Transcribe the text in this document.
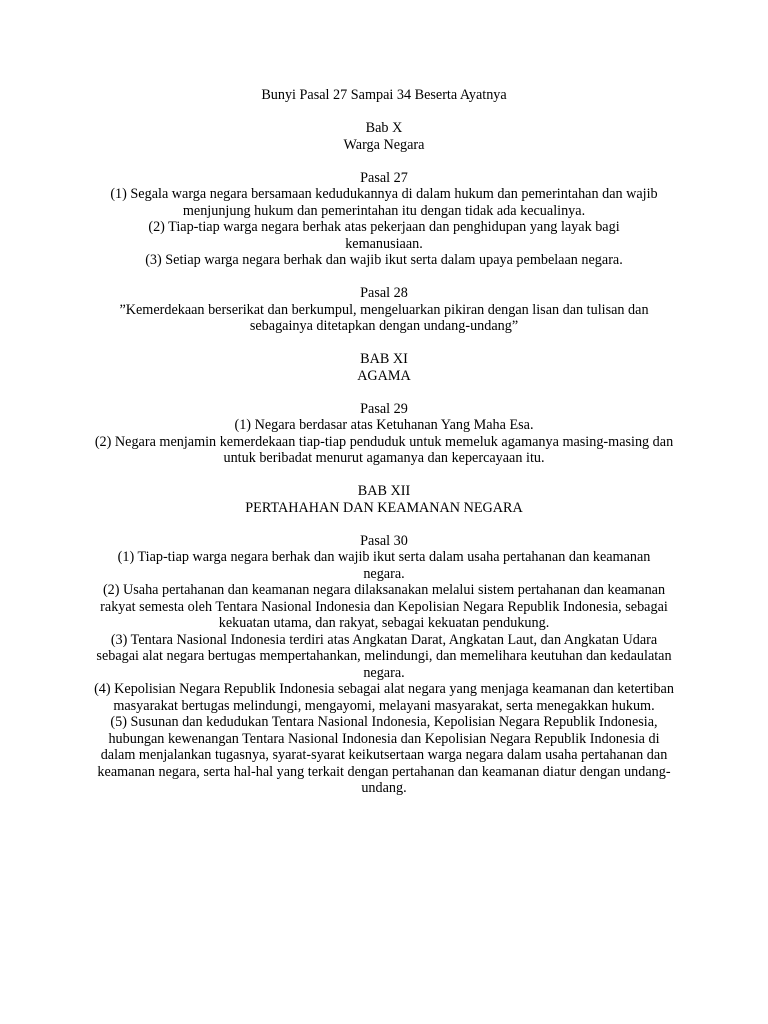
Bunyi Pasal 27 Sampai 34 Beserta Ayatnya

Bab X

Warga Negara

Pasal 27

(1) Segala warga negara bersamaan kedudukannya di dalam hukum dan pemerintahan dan wajib menjunjung hukum dan pemerintahan itu dengan tidak ada kecualinya.

(2) Tiap-tiap warga negara berhak atas pekerjaan dan penghidupan yang layak bagi kemanusiaan.

(3) Setiap warga negara berhak dan wajib ikut serta dalam upaya pembelaan negara.

Pasal 28

”Kemerdekaan berserikat dan berkumpul, mengeluarkan pikiran dengan lisan dan tulisan dan sebagainya ditetapkan dengan undang-undang”

BAB XI

AGAMA

Pasal 29

(1) Negara berdasar atas Ketuhanan Yang Maha Esa.

(2) Negara menjamin kemerdekaan tiap-tiap penduduk untuk memeluk agamanya masing-masing dan untuk beribadat menurut agamanya dan kepercayaan itu.

BAB XII

PERTAHAHAN DAN KEAMANAN NEGARA

Pasal 30

(1) Tiap-tiap warga negara berhak dan wajib ikut serta dalam usaha pertahanan dan keamanan negara.

(2) Usaha pertahanan dan keamanan negara dilaksanakan melalui sistem pertahanan dan keamanan rakyat semesta oleh Tentara Nasional Indonesia dan Kepolisian Negara Republik Indonesia, sebagai kekuatan utama, dan rakyat, sebagai kekuatan pendukung.

(3) Tentara Nasional Indonesia terdiri atas Angkatan Darat, Angkatan Laut, dan Angkatan Udara sebagai alat negara bertugas mempertahankan, melindungi, dan memelihara keutuhan dan kedaulatan negara.

(4) Kepolisian Negara Republik Indonesia sebagai alat negara yang menjaga keamanan dan ketertiban masyarakat bertugas melindungi, mengayomi, melayani masyarakat, serta menegakkan hukum.

(5) Susunan dan kedudukan Tentara Nasional Indonesia, Kepolisian Negara Republik Indonesia, hubungan kewenangan Tentara Nasional Indonesia dan Kepolisian Negara Republik Indonesia di dalam menjalankan tugasnya, syarat-syarat keikutsertaan warga negara dalam usaha pertahanan dan keamanan negara, serta hal-hal yang terkait dengan pertahanan dan keamanan diatur dengan undang-undang.
